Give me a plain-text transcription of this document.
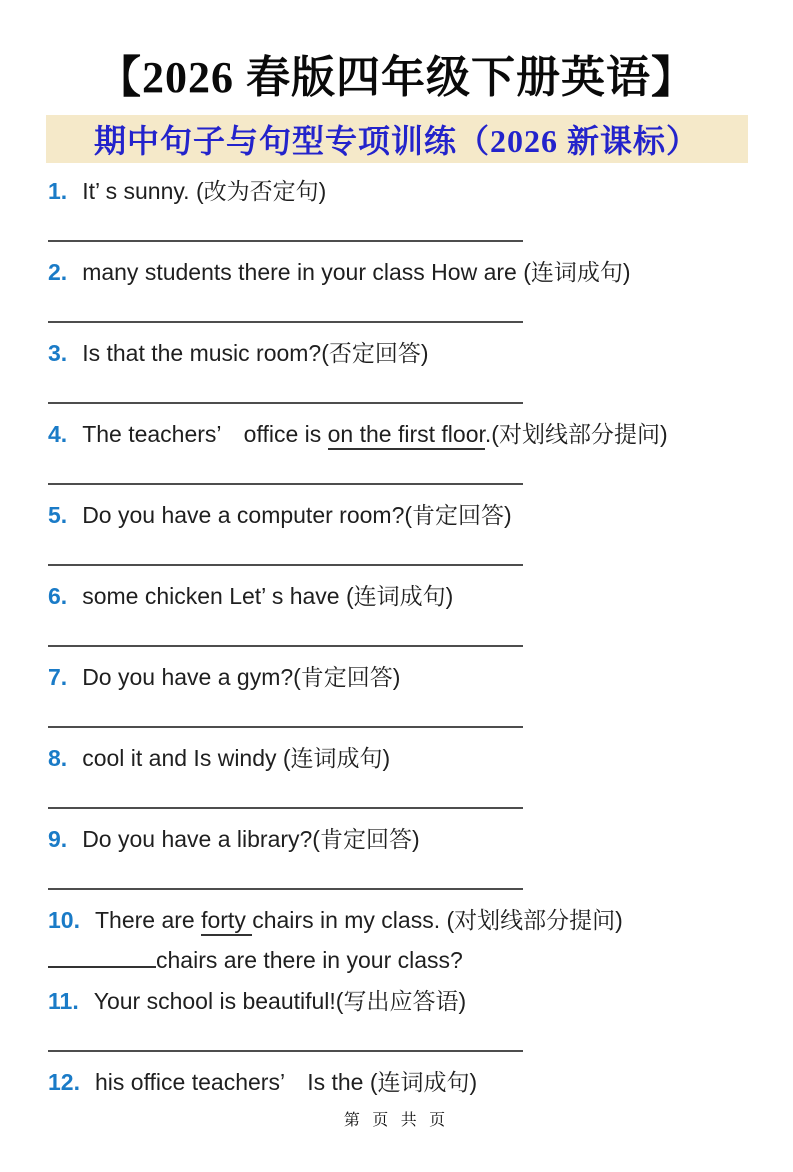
【2026 春版四年级下册英语】
期中句子与句型专项训练（2026 新课标）
1. It’ s sunny. (改为否定句)
2. many students there in your class How are (连词成句)
3. Is that the music room?(否定回答)
4. The teachers’　office is on the first floor.(对划线部分提问)
5. Do you have a computer room?(肯定回答)
6. some chicken Let’ s have (连词成句)
7. Do you have a gym?(肯定回答)
8. cool it and Is windy (连词成句)
9. Do you have a library?(肯定回答)
10. There are forty chairs in my class. (对划线部分提问)
chairs are there in your class?
11. Your school is beautiful!(写出应答语)
12. his office teachers’　Is the (连词成句)
第 页 共 页
